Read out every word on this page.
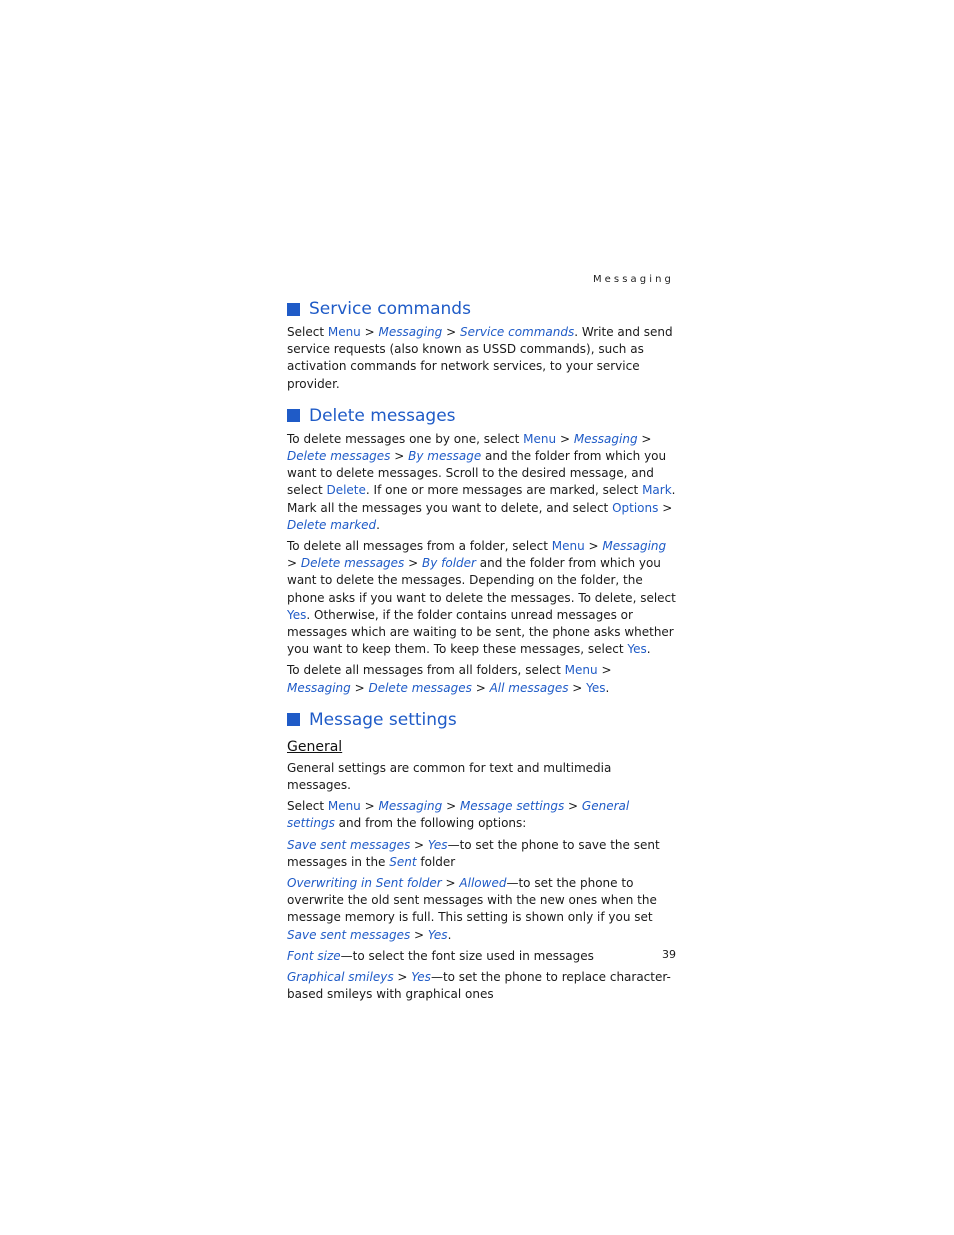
Messaging
Service commands

Select Menu > Messaging > Service commands. Write and send service requests (also known as USSD commands), such as activation commands for network services, to your service provider.

Delete messages

To delete messages one by one, select Menu > Messaging > Delete messages > By message and the folder from which you want to delete messages. Scroll to the desired message, and select Delete. If one or more messages are marked, select Mark. Mark all the messages you want to delete, and select Options > Delete marked.

To delete all messages from a folder, select Menu > Messaging > Delete messages > By folder and the folder from which you want to delete the messages. Depending on the folder, the phone asks if you want to delete the messages. To delete, select Yes. Otherwise, if the folder contains unread messages or messages which are waiting to be sent, the phone asks whether you want to keep them. To keep these messages, select Yes.

To delete all messages from all folders, select Menu > Messaging > Delete messages > All messages > Yes.

Message settings
General

General settings are common for text and multimedia messages.

Select Menu > Messaging > Message settings > General settings and from the following options:

Save sent messages > Yes—to set the phone to save the sent messages in the Sent folder

Overwriting in Sent folder > Allowed—to set the phone to overwrite the old sent messages with the new ones when the message memory is full. This setting is shown only if you set Save sent messages > Yes.

Font size—to select the font size used in messages

Graphical smileys > Yes—to set the phone to replace character-based smileys with graphical ones

39
